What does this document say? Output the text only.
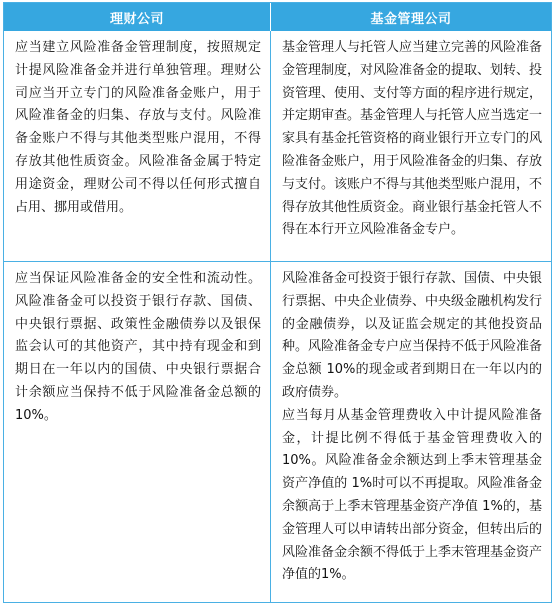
理财公司	基金管理公司

应当建立风险准备金管理制度，按照规定计提风险准备金并进行单独管理。理财公司应当开立专门的风险准备金账户，用于风险准备金的归集、存放与支付。风险准备金账户不得与其他类型账户混用，不得存放其他性质资金。风险准备金属于特定用途资金，理财公司不得以任何形式擅自占用、挪用或借用。

基金管理人与托管人应当建立完善的风险准备金管理制度，对风险准备金的提取、划转、投资管理、使用、支付等方面的程序进行规定，并定期审查。基金管理人与托管人应当选定一家具有基金托管资格的商业银行开立专门的风险准备金账户，用于风险准备金的归集、存放与支付。该账户不得与其他类型账户混用，不得存放其他性质资金。商业银行基金托管人不得在本行开立风险准备金专户。

应当保证风险准备金的安全性和流动性。风险准备金可以投资于银行存款、国债、中央银行票据、政策性金融债券以及银保监会认可的其他资产，其中持有现金和到期日在一年以内的国债、中央银行票据合计余额应当保持不低于风险准备金总额的10%。

风险准备金可投资于银行存款、国债、中央银行票据、中央企业债券、中央级金融机构发行的金融债券，以及证监会规定的其他投资品种。风险准备金专户应当保持不低于风险准备金总额 10%的现金或者到期日在一年以内的政府债券。

应当每月从基金管理费收入中计提风险准备金，计提比例不得低于基金管理费收入的10%。风险准备金余额达到上季末管理基金资产净值的 1%时可以不再提取。风险准备金余额高于上季末管理基金资产净值 1%的，基金管理人可以申请转出部分资金，但转出后的风险准备金余额不得低于上季末管理基金资产净值的1%。
